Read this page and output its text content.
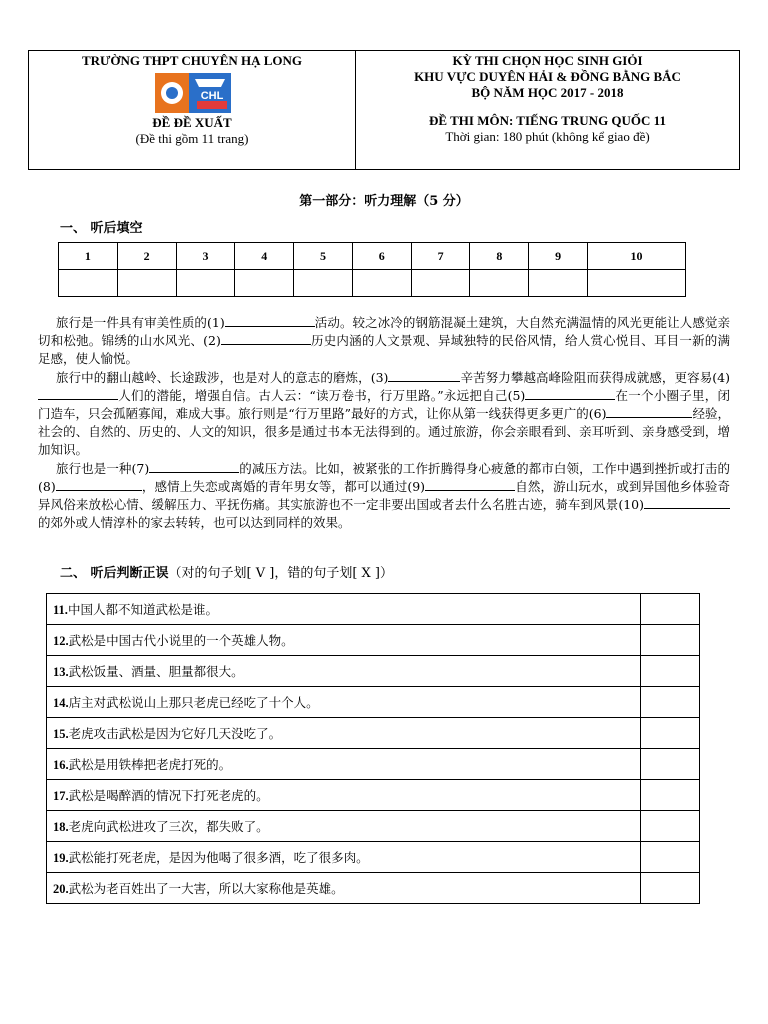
TRƯỜNG THPT CHUYÊN HẠ LONG
CHL
ĐỀ ĐỀ XUẤT
(Đề thi gồm 11 trang)
KỲ THI CHỌN HỌC SINH GIỎI
KHU VỰC DUYÊN HẢI & ĐỒNG BẰNG BẮC
BỘ NĂM HỌC 2017 - 2018
ĐỀ THI MÔN: TIẾNG TRUNG QUỐC 11
Thời gian: 180 phút (không kể giao đề)
第一部分：听力理解（5 分）
一、 听后填空
1	2	3	4	5	6	7	8	9	10

旅行是一件具有审美性质的(1)	活动。较之冰冷的钢筋混凝土建筑，大自然充满温情的风光更能让人感觉亲切和松弛。锦绣的山水风光、(2)	历史内涵的人文景观、异域独特的民俗风情，给人赏心悦目、耳目一新的满足感，使人愉悦。

旅行中的翻山越岭、长途跋涉，也是对人的意志的磨炼，(3)	辛苦努力攀越高峰险阻而获得成就感，更容易(4)人们的潜能，增强自信。古人云：“读万卷书，行万里路。”永远把自己(5)	在一个小圈子里，闭门造车，只会孤陋寡闻，难成大事。旅行则是“行万里路”最好的方式，让你从第一线获得更多更广的(6)	经验，社会的、自然的、历史的、人文的知识，很多是通过书本无法得到的。通过旅游，你会亲眼看到、亲耳听到、亲身感受到，增加知识。

旅行也是一种(7)	的减压方法。比如，被紧张的工作折腾得身心疲惫的都市白领，工作中遇到挫折或打击的(8)	，感情上失恋或离婚的青年男女等，都可以通过(9)	自然，游山玩水，或到异国他乡体验奇异风俗来放松心情、缓解压力、平抚伤痛。其实旅游也不一定非要出国或者去什么名胜古迹，骑车到风景(10)的郊外或人情淳朴的家去转转，也可以达到同样的效果。

二、 听后判断正误（对的句子划[ V ]，错的句子划[ X ]）
11.中国人都不知道武松是谁。	
12.武松是中国古代小说里的一个英雄人物。	
13.武松饭量、酒量、胆量都很大。	
14.店主对武松说山上那只老虎已经吃了十个人。	
15.老虎攻击武松是因为它好几天没吃了。	
16.武松是用铁棒把老虎打死的。	
17.武松是喝醉酒的情况下打死老虎的。	
18.老虎向武松进攻了三次，都失败了。	
19.武松能打死老虎，是因为他喝了很多酒，吃了很多肉。	
20.武松为老百姓出了一大害，所以大家称他是英雄。	
